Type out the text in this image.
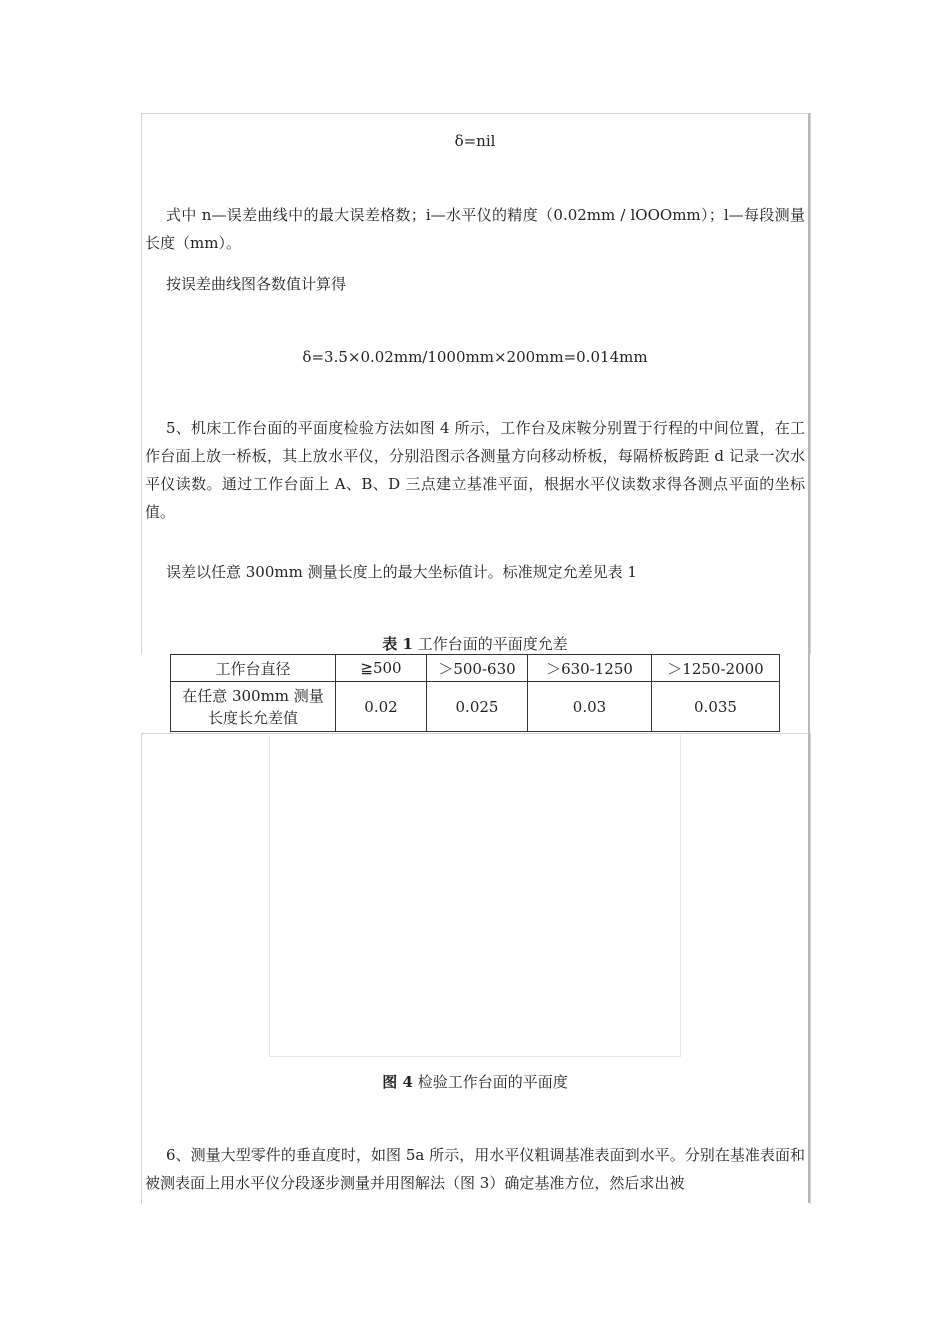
δ=nil
式中 n—误差曲线中的最大误差格数；i—水平仪的精度（0.02mm / lOOOmm）；l—每段测量长度（mm）。
按误差曲线图各数值计算得
δ=3.5×0.02mm/1000mm×200mm=0.014mm
5、机床工作台面的平面度检验方法如图 4 所示，工作台及床鞍分别置于行程的中间位置，在工作台面上放一桥板，其上放水平仪，分别沿图示各测量方向移动桥板，每隔桥板跨距 d 记录一次水平仪读数。通过工作台面上 A、B、D 三点建立基准平面，根据水平仪读数求得各测点平面的坐标值。
误差以任意 300mm 测量长度上的最大坐标值计。标准规定允差见表 1
表 1 工作台面的平面度允差
工作台直径	≧500	＞500-630	＞630-1250	＞1250-2000
在任意 300mm 测量长度长允差值	0.02	0.025	0.03	0.035
图 4 检验工作台面的平面度
6、测量大型零件的垂直度时，如图 5a 所示，用水平仪粗调基准表面到水平。分别在基准表面和被测表面上用水平仪分段逐步测量并用图解法（图 3）确定基准方位，然后求出被
